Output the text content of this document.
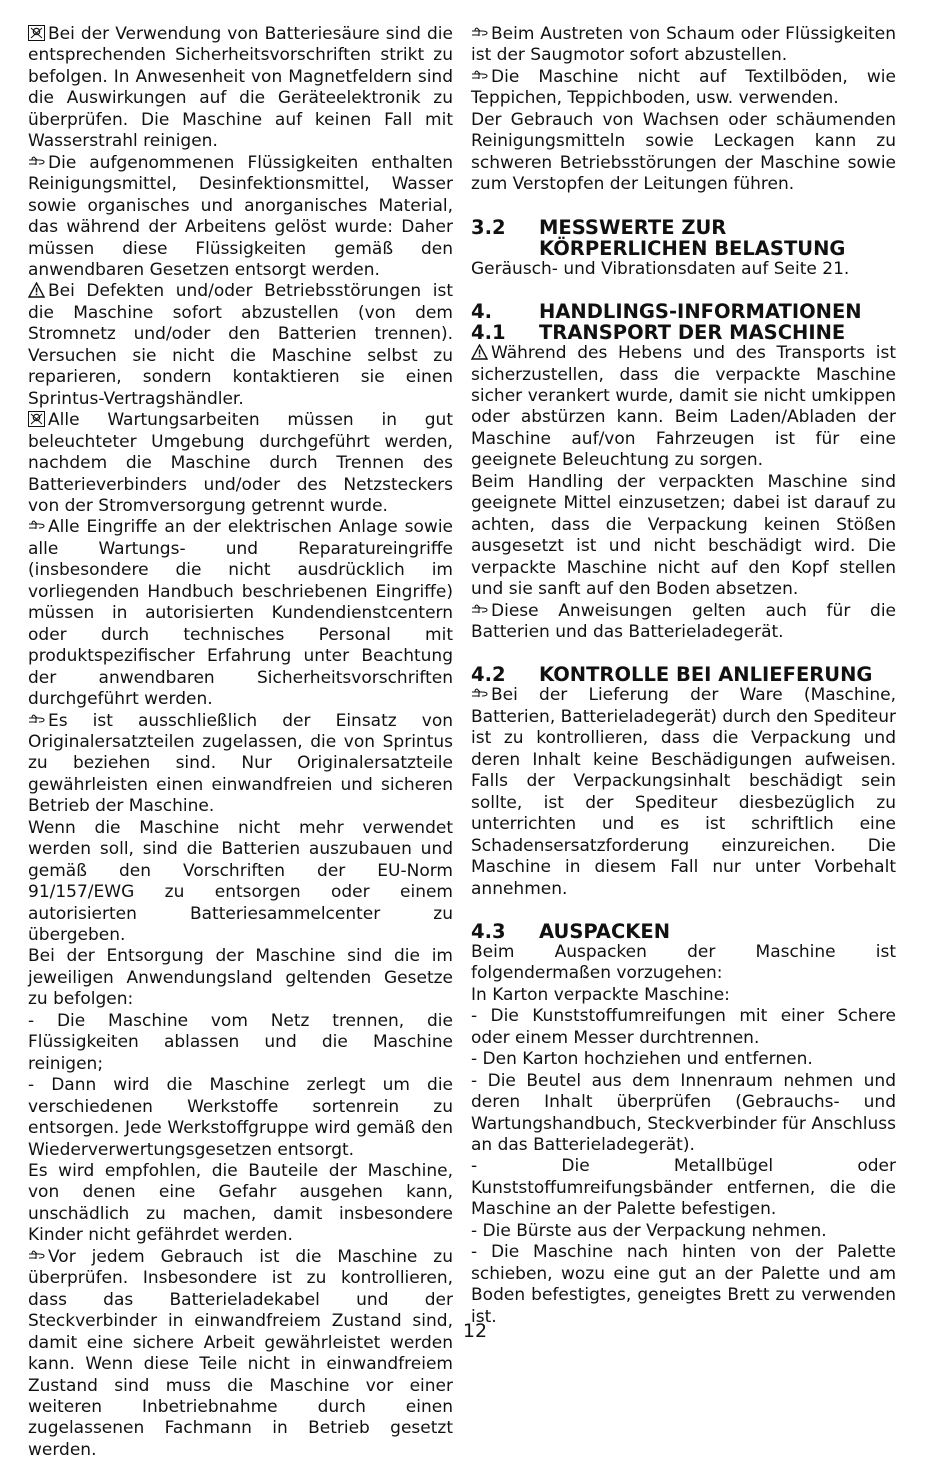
Bei der Verwendung von Batteriesäure sind die entsprechenden Sicherheitsvorschriften strikt zu befolgen. In Anwesenheit von Magnetfeldern sind die Auswirkungen auf die Geräteelektronik zu überprüfen. Die Maschine auf keinen Fall mit Wasserstrahl reinigen.

Die aufgenommenen Flüssigkeiten enthalten Reinigungsmittel, Desinfektionsmittel, Wasser sowie organisches und anorganisches Material, das während der Arbeitens gelöst wurde: Daher müssen diese Flüssigkeiten gemäß den anwendbaren Gesetzen entsorgt werden.

Bei Defekten und/oder Betriebsstörungen ist die Maschine sofort abzustellen (von dem Stromnetz und/oder den Batterien trennen). Versuchen sie nicht die Maschine selbst zu reparieren, sondern kontaktieren sie einen Sprintus-Vertragshändler.

Alle Wartungsarbeiten müssen in gut beleuchteter Umgebung durchgeführt werden, nachdem die Maschine durch Trennen des Batterieverbinders und/oder des Netzsteckers von der Stromversorgung getrennt wurde.

Alle Eingriffe an der elektrischen Anlage sowie alle Wartungs- und Reparatureingriffe (insbesondere die nicht ausdrücklich im vorliegenden Handbuch beschriebenen Eingriffe) müssen in autorisierten Kundendienstcentern oder durch technisches Personal mit produktspezifischer Erfahrung unter Beachtung der anwendbaren Sicherheitsvorschriften durchgeführt werden.

Es ist ausschließlich der Einsatz von Originalersatzteilen zugelassen, die von Sprintus zu beziehen sind. Nur Originalersatzteile gewährleisten einen einwandfreien und sicheren Betrieb der Maschine.

Wenn die Maschine nicht mehr verwendet werden soll, sind die Batterien auszubauen und gemäß den Vorschriften der EU-Norm 91/157/EWG zu entsorgen oder einem autorisierten Batteriesammelcenter zu übergeben.

Bei der Entsorgung der Maschine sind die im jeweiligen Anwendungsland geltenden Gesetze zu befolgen:

- Die Maschine vom Netz trennen, die Flüssigkeiten ablassen und die Maschine reinigen;

- Dann wird die Maschine zerlegt um die verschiedenen Werkstoffe sortenrein zu entsorgen. Jede Werkstoffgruppe wird gemäß den Wiederverwertungsgesetzen entsorgt.

Es wird empfohlen, die Bauteile der Maschine, von denen eine Gefahr ausgehen kann, unschädlich zu machen, damit insbesondere Kinder nicht gefährdet werden.

Vor jedem Gebrauch ist die Maschine zu überprüfen. Insbesondere ist zu kontrollieren, dass das Batterieladekabel und der Steckverbinder in einwandfreiem Zustand sind, damit eine sichere Arbeit gewährleistet werden kann. Wenn diese Teile nicht in einwandfreiem Zustand sind muss die Maschine vor einer weiteren Inbetriebnahme durch einen zugelassenen Fachmann in Betrieb gesetzt werden.

Beim Austreten von Schaum oder Flüssigkeiten ist der Saugmotor sofort abzustellen.

Die Maschine nicht auf Textilböden, wie Teppichen, Teppichboden, usw. verwenden.

Der Gebrauch von Wachsen oder schäumenden Reinigungsmitteln sowie Leckagen kann zu schweren Betriebsstörungen der Maschine sowie zum Verstopfen der Leitungen führen.

3.2	MESSWERTE ZUR KÖRPERLICHEN BELASTUNG

Geräusch- und Vibrationsdaten auf Seite 21.

4.	HANDLINGS-INFORMATIONEN
4.1	TRANSPORT DER MASCHINE

Während des Hebens und des Transports ist sicherzustellen, dass die verpackte Maschine sicher verankert wurde, damit sie nicht umkippen oder abstürzen kann. Beim Laden/Abladen der Maschine auf/von Fahrzeugen ist für eine geeignete Beleuchtung zu sorgen.

Beim Handling der verpackten Maschine sind geeignete Mittel einzusetzen; dabei ist darauf zu achten, dass die Verpackung keinen Stößen ausgesetzt ist und nicht beschädigt wird. Die verpackte Maschine nicht auf den Kopf stellen und sie sanft auf den Boden absetzen.

Diese Anweisungen gelten auch für die Batterien und das Batterieladegerät.

4.2	KONTROLLE BEI ANLIEFERUNG

Bei der Lieferung der Ware (Maschine, Batterien, Batterieladegerät) durch den Spediteur ist zu kontrollieren, dass die Verpackung und deren Inhalt keine Beschädigungen aufweisen. Falls der Verpackungsinhalt beschädigt sein sollte, ist der Spediteur diesbezüglich zu unterrichten und es ist schriftlich eine Schadensersatzforderung einzureichen. Die Maschine in diesem Fall nur unter Vorbehalt annehmen.

4.3	AUSPACKEN

Beim Auspacken der Maschine ist folgendermaßen vorzugehen:

In Karton verpackte Maschine:

- Die Kunststoffumreifungen mit einer Schere oder einem Messer durchtrennen.

- Den Karton hochziehen und entfernen.

- Die Beutel aus dem Innenraum nehmen und deren Inhalt überprüfen (Gebrauchs- und Wartungshandbuch, Steckverbinder für Anschluss an das Batterieladegerät).

- Die Metallbügel oder Kunststoffumreifungsbänder entfernen, die die Maschine an der Palette befestigen.

- Die Bürste aus der Verpackung nehmen.

- Die Maschine nach hinten von der Palette schieben, wozu eine gut an der Palette und am Boden befestigtes, geneigtes Brett zu verwenden ist.

12
